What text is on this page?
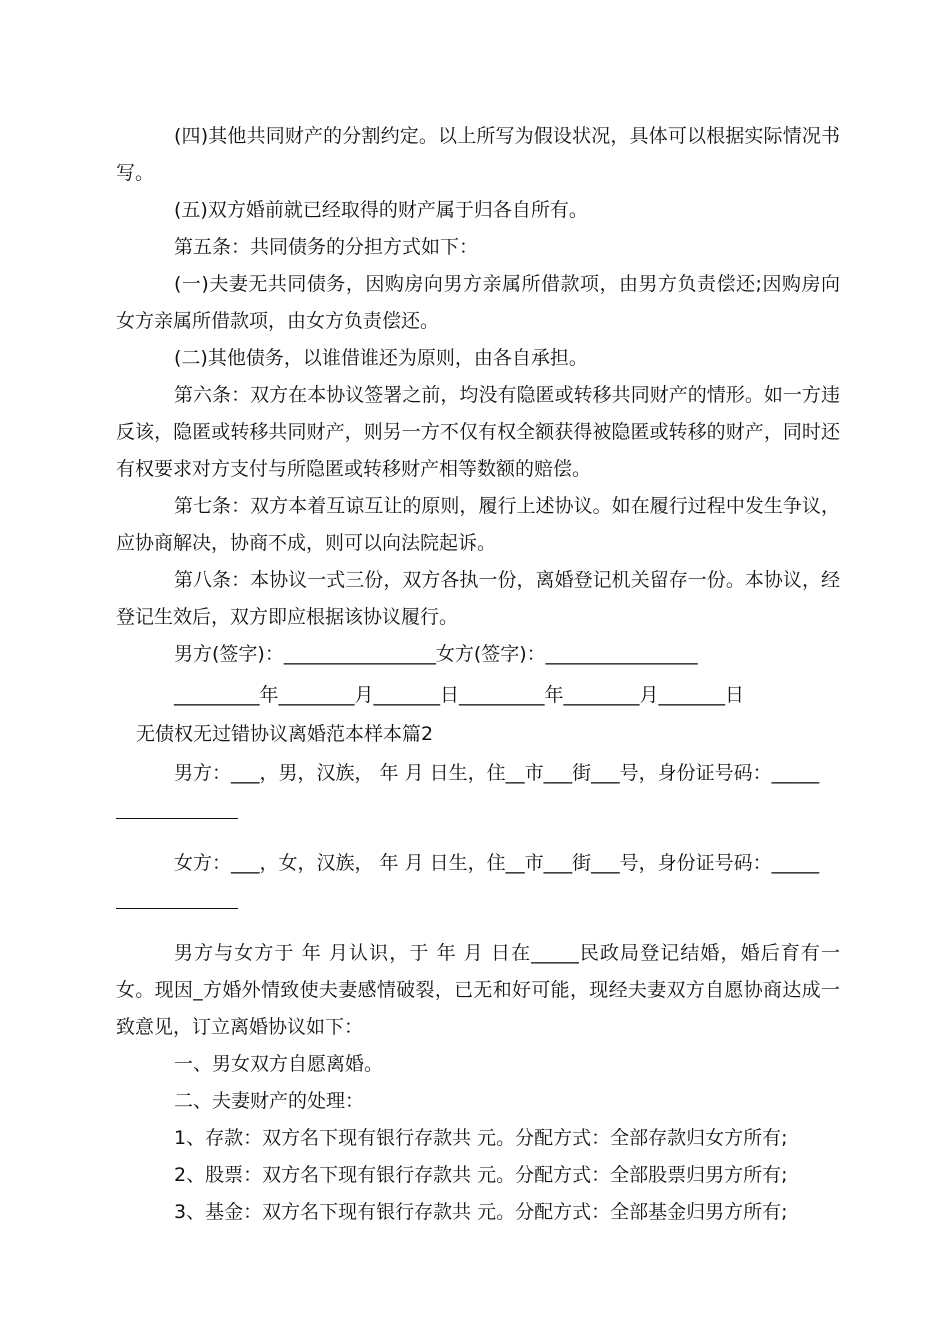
(四)其他共同财产的分割约定。以上所写为假设状况，具体可以根据实际情况书写。

(五)双方婚前就已经取得的财产属于归各自所有。

第五条：共同债务的分担方式如下：

(一)夫妻无共同债务，因购房向男方亲属所借款项，由男方负责偿还;因购房向女方亲属所借款项，由女方负责偿还。

(二)其他债务，以谁借谁还为原则，由各自承担。

第六条：双方在本协议签署之前，均没有隐匿或转移共同财产的情形。如一方违反该，隐匿或转移共同财产，则另一方不仅有权全额获得被隐匿或转移的财产，同时还有权要求对方支付与所隐匿或转移财产相等数额的赔偿。

第七条：双方本着互谅互让的原则，履行上述协议。如在履行过程中发生争议，应协商解决，协商不成，则可以向法院起诉。

第八条：本协议一式三份，双方各执一份，离婚登记机关留存一份。本协议，经登记生效后，双方即应根据该协议履行。

男方(签字)：________________女方(签字)：________________

_________年________月_______日_________年________月_______日

无债权无过错协议离婚范本样本篇2

男方：___，男，汉族， 年 月 日生，住__市___街___号，身份证号码：_____

女方：___，女，汉族， 年 月 日生，住__市___街___号，身份证号码：_____

男方与女方于 年 月认识，于 年 月 日在_____民政局登记结婚，婚后育有一女。现因_方婚外情致使夫妻感情破裂，已无和好可能，现经夫妻双方自愿协商达成一致意见，订立离婚协议如下：

一、男女双方自愿离婚。

二、夫妻财产的处理：

1、存款：双方名下现有银行存款共 元。分配方式：全部存款归女方所有;

2、股票：双方名下现有银行存款共 元。分配方式：全部股票归男方所有;

3、基金：双方名下现有银行存款共 元。分配方式：全部基金归男方所有;
